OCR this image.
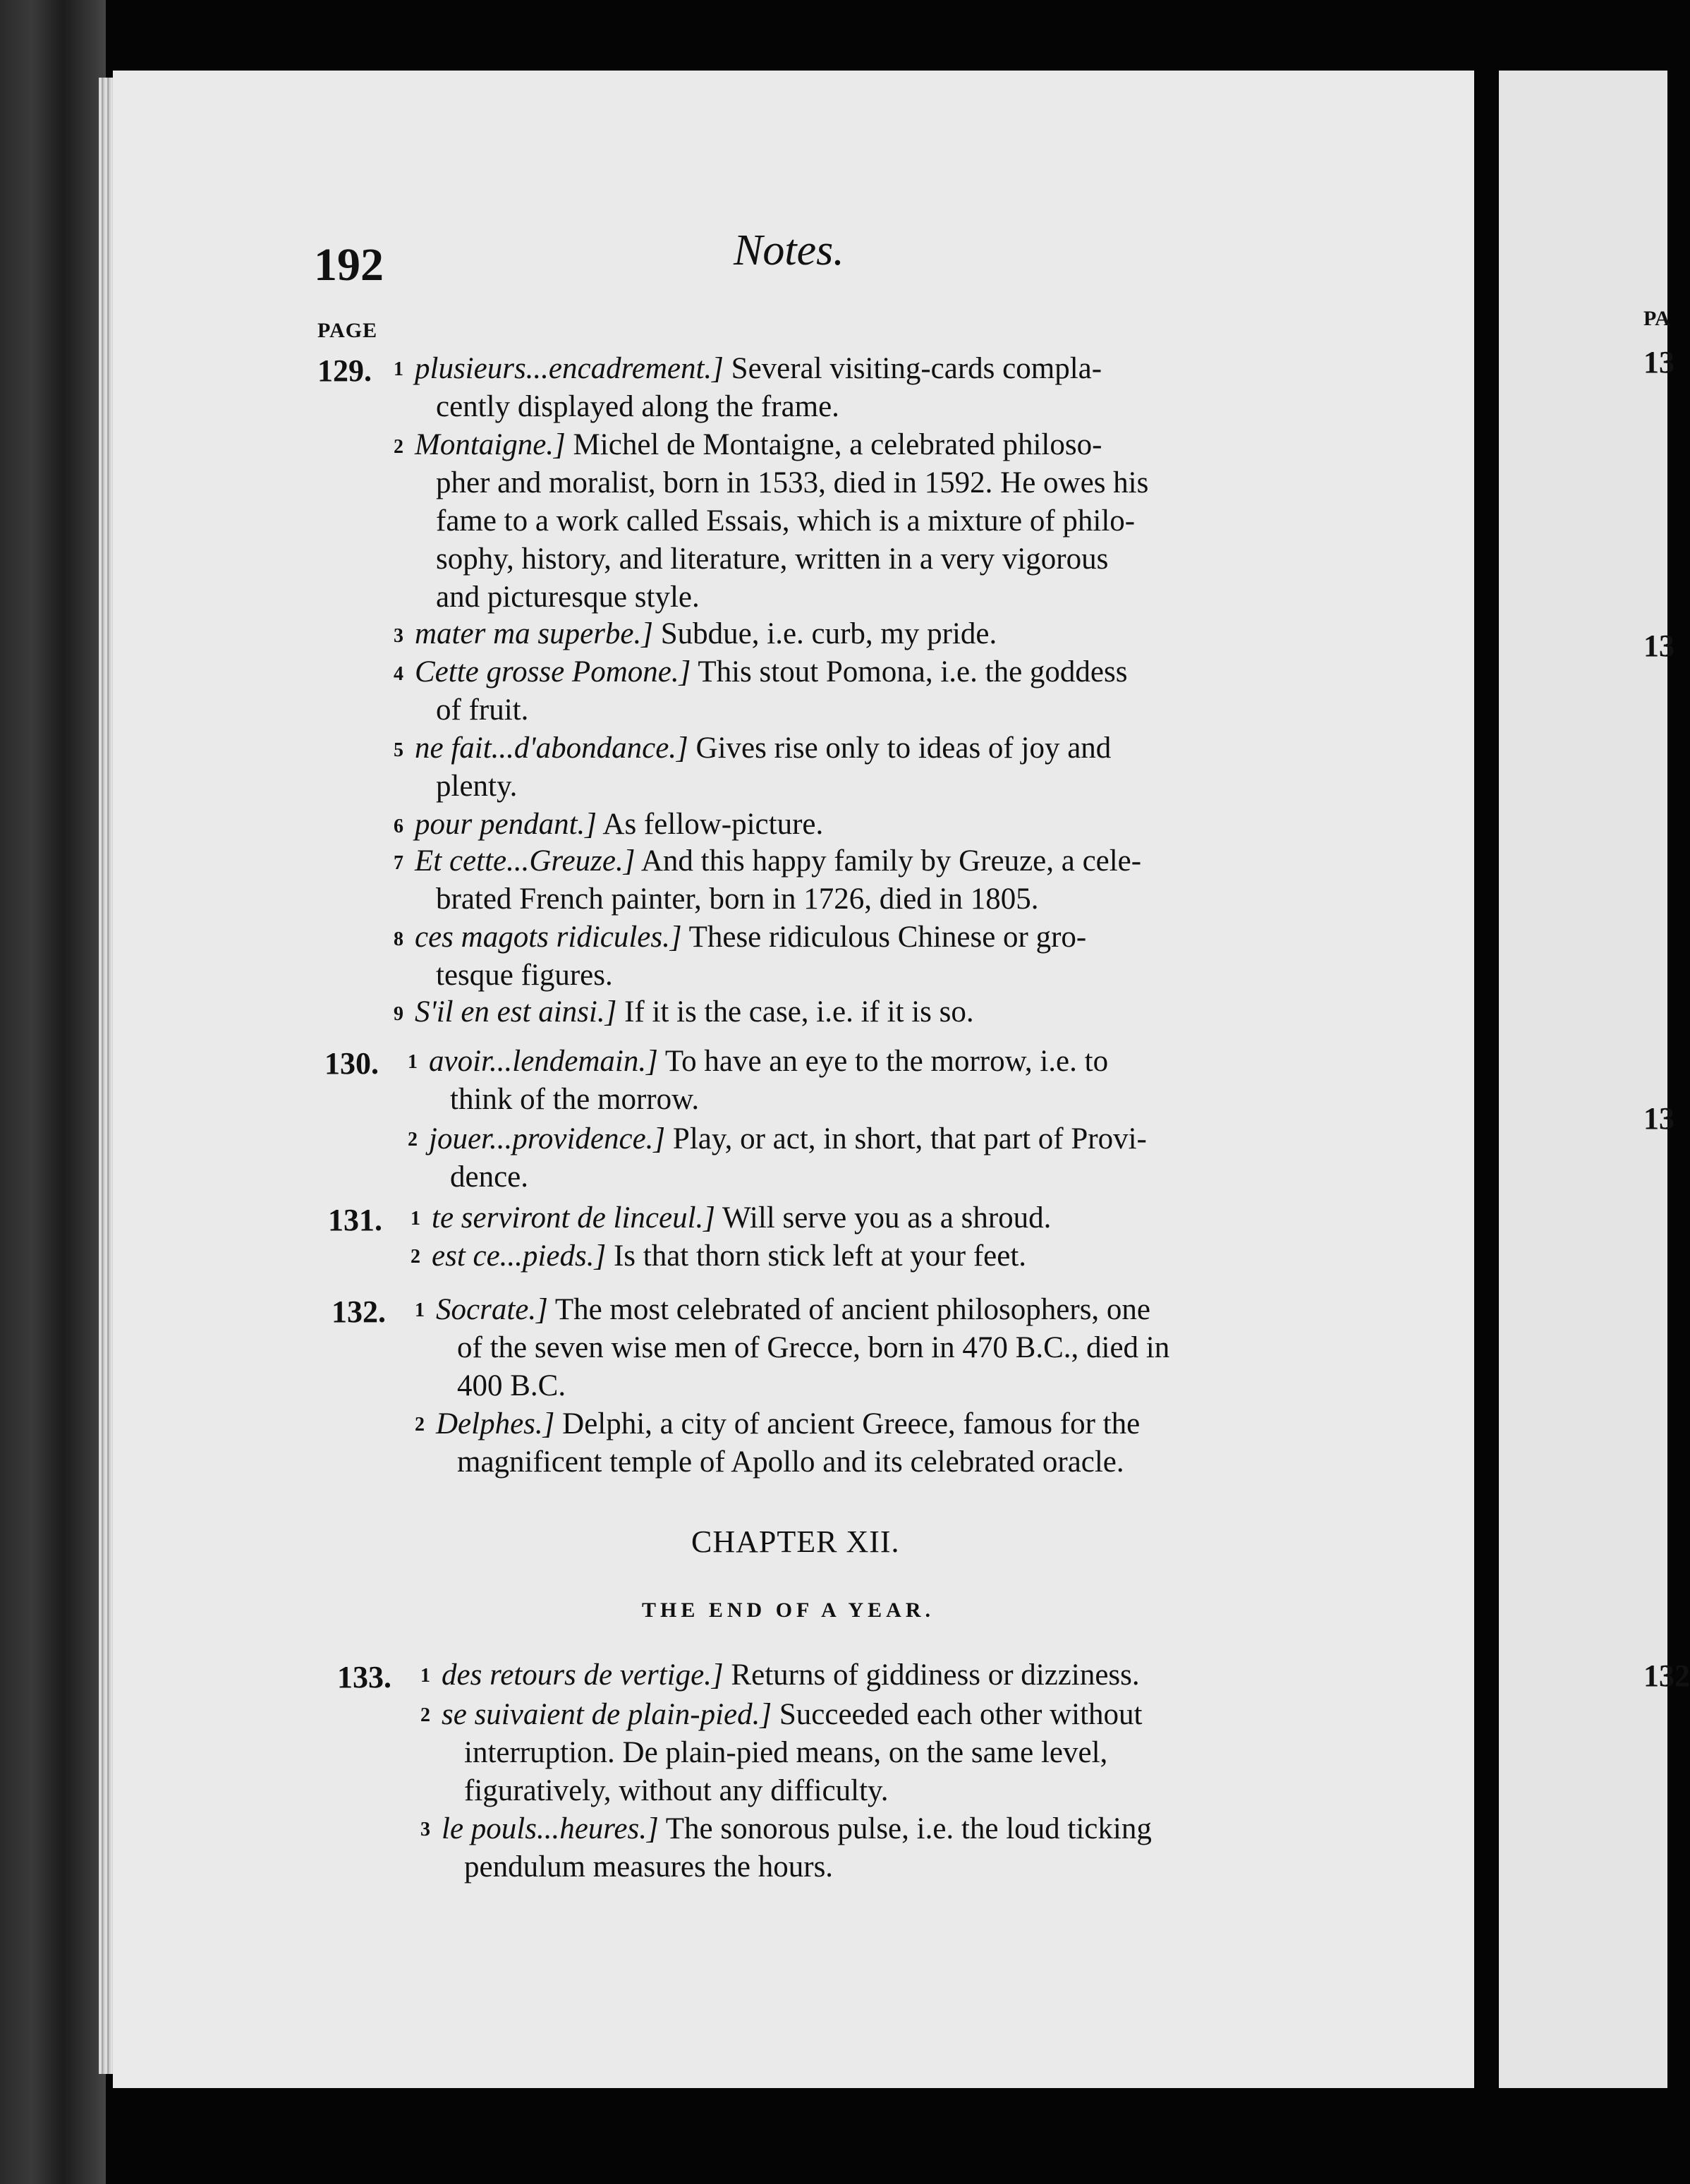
192	Notes.
PAGE
129. 1 plusieurs...encadrement.] Several visiting-cards compla-
cently displayed along the frame.
2 Montaigne.] Michel de Montaigne, a celebrated philoso-
pher and moralist, born in 1533, died in 1592. He owes his
fame to a work called Essais, which is a mixture of philo-
sophy, history, and literature, written in a very vigorous
and picturesque style.
3 mater ma superbe.] Subdue, i.e. curb, my pride.
4 Cette grosse Pomone.] This stout Pomona, i.e. the goddess
of fruit.
5 ne fait...d'abondance.] Gives rise only to ideas of joy and
plenty.
6 pour pendant.] As fellow-picture.
7 Et cette...Greuze.] And this happy family by Greuze, a cele-
brated French painter, born in 1726, died in 1805.
8 ces magots ridicules.] These ridiculous Chinese or gro-
tesque figures.
9 S'il en est ainsi.] If it is the case, i.e. if it is so.
130. 1 avoir...lendemain.] To have an eye to the morrow, i.e. to
think of the morrow.
2 jouer...providence.] Play, or act, in short, that part of Provi-
dence.
131. 1 te serviront de linceul.] Will serve you as a shroud.
2 est ce...pieds.] Is that thorn stick left at your feet.
132. 1 Socrate.] The most celebrated of ancient philosophers, one
of the seven wise men of Grecce, born in 470 B.C., died in
400 B.C.
2 Delphes.] Delphi, a city of ancient Greece, famous for the
magnificent temple of Apollo and its celebrated oracle.
CHAPTER XII.
THE END OF A YEAR.
133. 1 des retours de vertige.] Returns of giddiness or dizziness.
2 se suivaient de plain-pied.] Succeeded each other without
interruption. De plain-pied means, on the same level,
figuratively, without any difficulty.
3 le pouls...heures.] The sonorous pulse, i.e. the loud ticking
pendulum measures the hours.
PA
13
13
13
132
